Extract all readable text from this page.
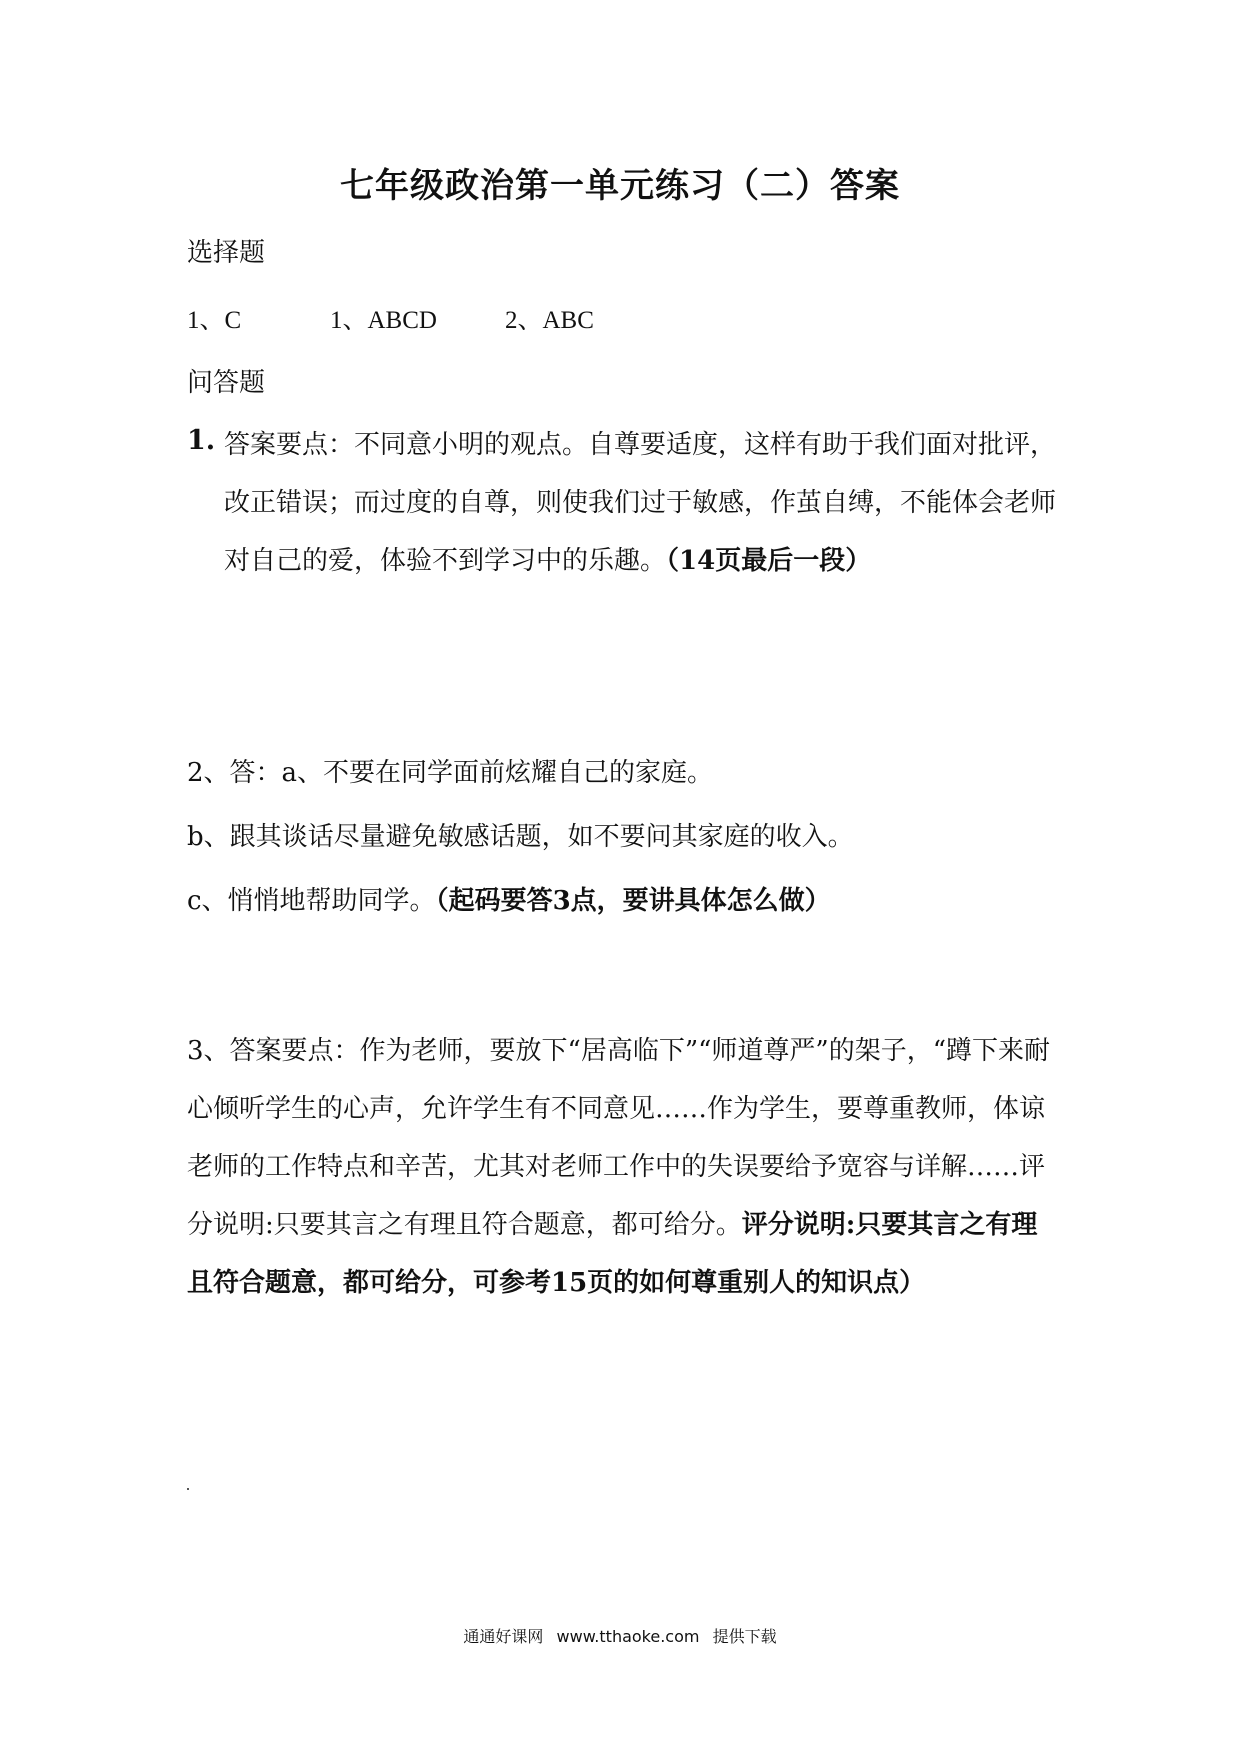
七年级政治第一单元练习（二）答案
选择题
1、C	1、ABCD	2、ABC
问答题
1. 答案要点：不同意小明的观点。自尊要适度，这样有助于我们面对批评，改正错误；而过度的自尊，则使我们过于敏感，作茧自缚，不能体会老师对自己的爱，体验不到学习中的乐趣。（14页最后一段）

2、答：a、不要在同学面前炫耀自己的家庭。
b、跟其谈话尽量避免敏感话题，如不要问其家庭的收入。
c、悄悄地帮助同学。（起码要答3点，要讲具体怎么做）

3、答案要点：作为老师，要放下“居高临下”“师道尊严”的架子，“蹲下来耐心倾听学生的心声，允许学生有不同意见……作为学生，要尊重教师，体谅老师的工作特点和辛苦，尤其对老师工作中的失误要给予宽容与详解……评分说明:只要其言之有理且符合题意，都可给分。评分说明:只要其言之有理且符合题意，都可给分，可参考15页的如何尊重别人的知识点）

通通好课网 www.tthaoke.com 提供下载
